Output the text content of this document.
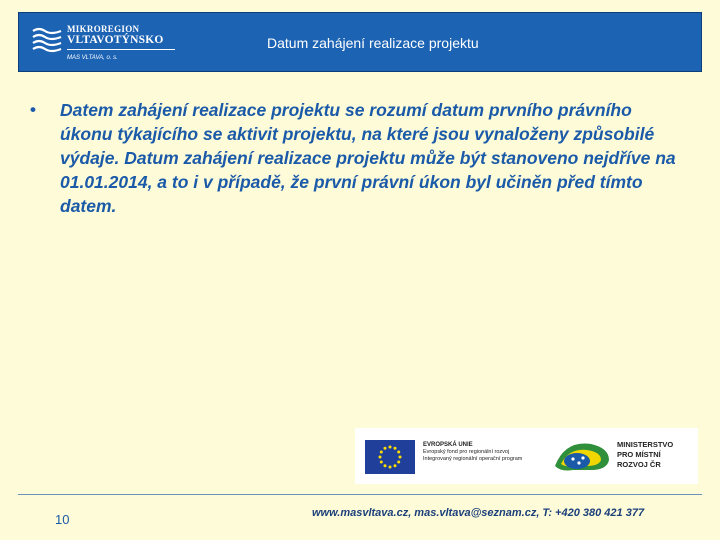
MIKROREGION
VLTAVOTÝNSKO
MAS VLTAVA, o. s.
Datum zahájení realizace projektu
•	Datem zahájení realizace projektu se rozumí datum prvního právního úkonu týkajícího se aktivit projektu, na které jsou vynaloženy způsobilé výdaje. Datum zahájení realizace projektu může být stanoveno nejdříve na 01.01.2014, a to i v případě, že první právní úkon byl učiněn před tímto datem.

EVROPSKÁ UNIE
Evropský fond pro regionální rozvoj
Integrovaný regionální operační program
MINISTERSTVO
PRO MÍSTNÍ
ROZVOJ ČR
10	www.masvltava.cz, mas.vltava@seznam.cz, T: +420 380 421 377
